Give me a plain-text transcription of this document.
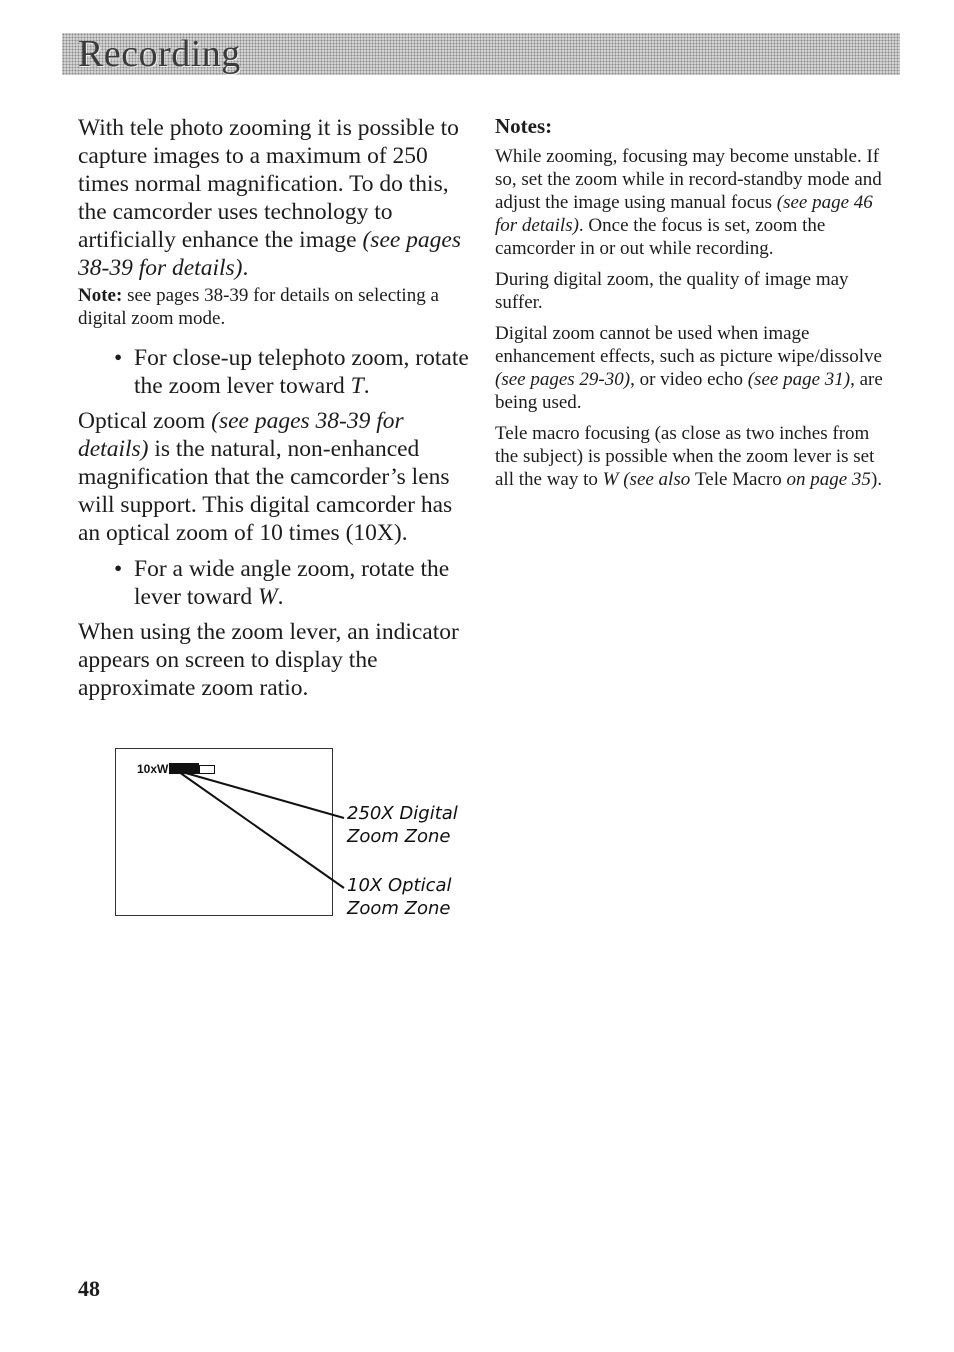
Recording

With tele photo zooming it is possible to capture images to a maximum of 250 times normal magnification. To do this, the camcorder uses technology to artificially enhance the image (see pages 38-39 for details).

Note: see pages 38-39 for details on selecting a digital zoom mode.

• For close-up telephoto zoom, rotate the zoom lever toward T.

Optical zoom (see pages 38-39 for details) is the natural, non-enhanced magnification that the camcorder’s lens will support. This digital camcorder has an optical zoom of 10 times (10X).

• For a wide angle zoom, rotate the lever toward W.

When using the zoom lever, an indicator appears on screen to display the approximate zoom ratio.

10xW
250X Digital
Zoom Zone
10X Optical
Zoom Zone

Notes:

While zooming, focusing may become unstable. If so, set the zoom while in record-standby mode and adjust the image using manual focus (see page 46 for details). Once the focus is set, zoom the camcorder in or out while recording.

During digital zoom, the quality of image may suffer.

Digital zoom cannot be used when image enhancement effects, such as picture wipe/dissolve (see pages 29-30), or video echo (see page 31), are being used.

Tele macro focusing (as close as two inches from the subject) is possible when the zoom lever is set all the way to W (see also Tele Macro on page 35).

48
